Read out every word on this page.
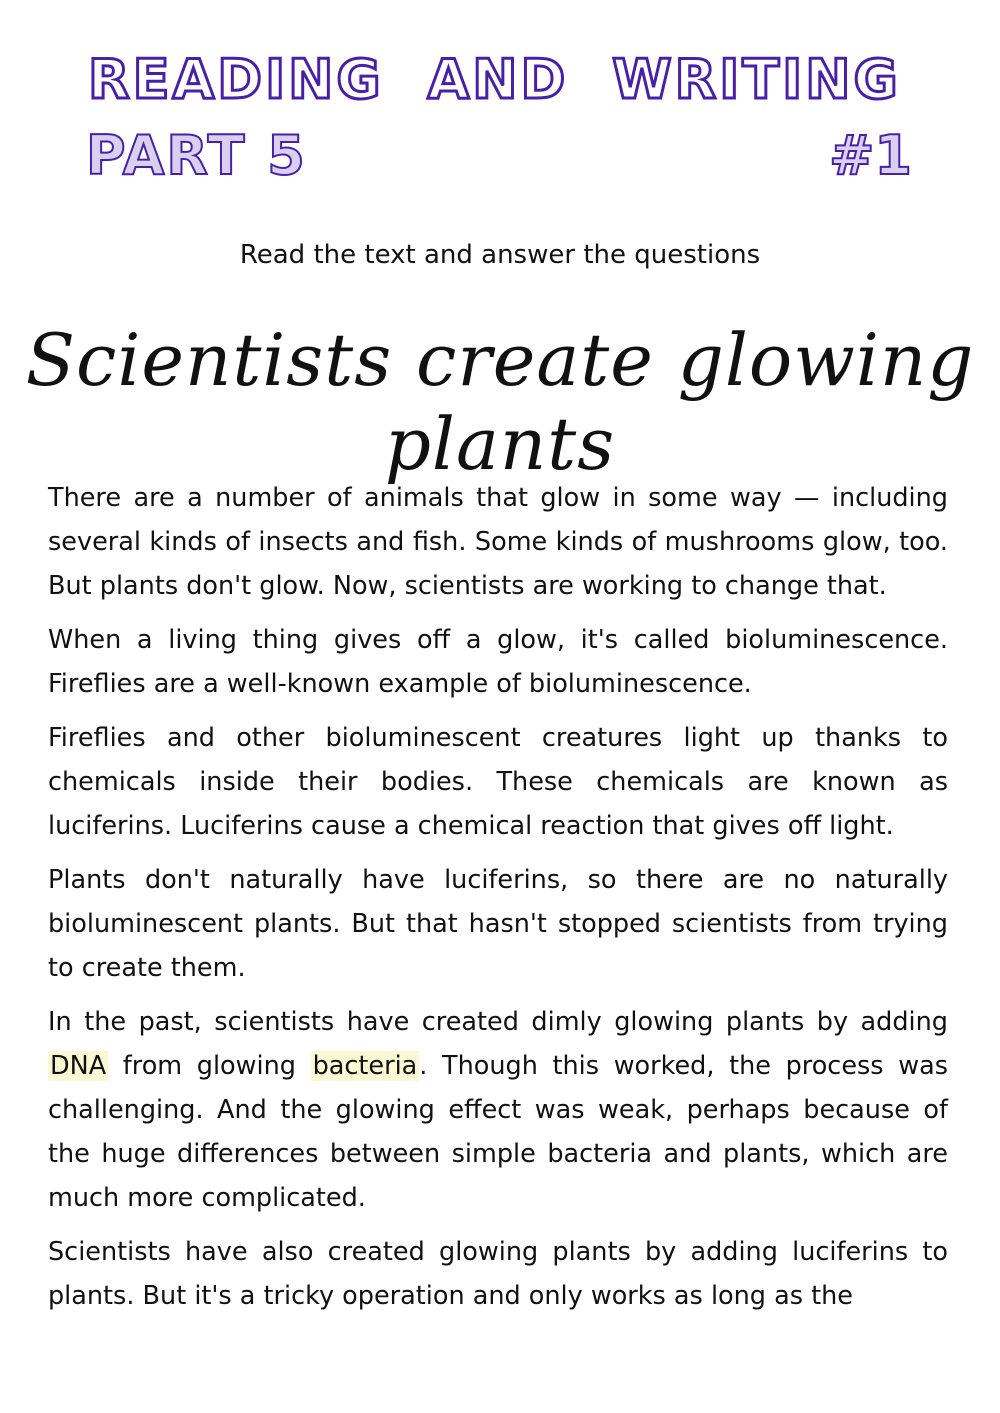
READING AND WRITING
PART 5	#1
Read the text and answer the questions
Scientists create glowing plants

There are a number of animals that glow in some way — including several kinds of insects and fish. Some kinds of mushrooms glow, too. But plants don't glow. Now, scientists are working to change that.

When a living thing gives off a glow, it's called bioluminescence. Fireflies are a well-known example of bioluminescence.

Fireflies and other bioluminescent creatures light up thanks to chemicals inside their bodies. These chemicals are known as luciferins. Luciferins cause a chemical reaction that gives off light.

Plants don't naturally have luciferins, so there are no naturally bioluminescent plants. But that hasn't stopped scientists from trying to create them.

In the past, scientists have created dimly glowing plants by adding DNA from glowing bacteria. Though this worked, the process was challenging. And the glowing effect was weak, perhaps because of the huge differences between simple bacteria and plants, which are much more complicated.

Scientists have also created glowing plants by adding luciferins to plants. But it's a tricky operation and only works as long as the
